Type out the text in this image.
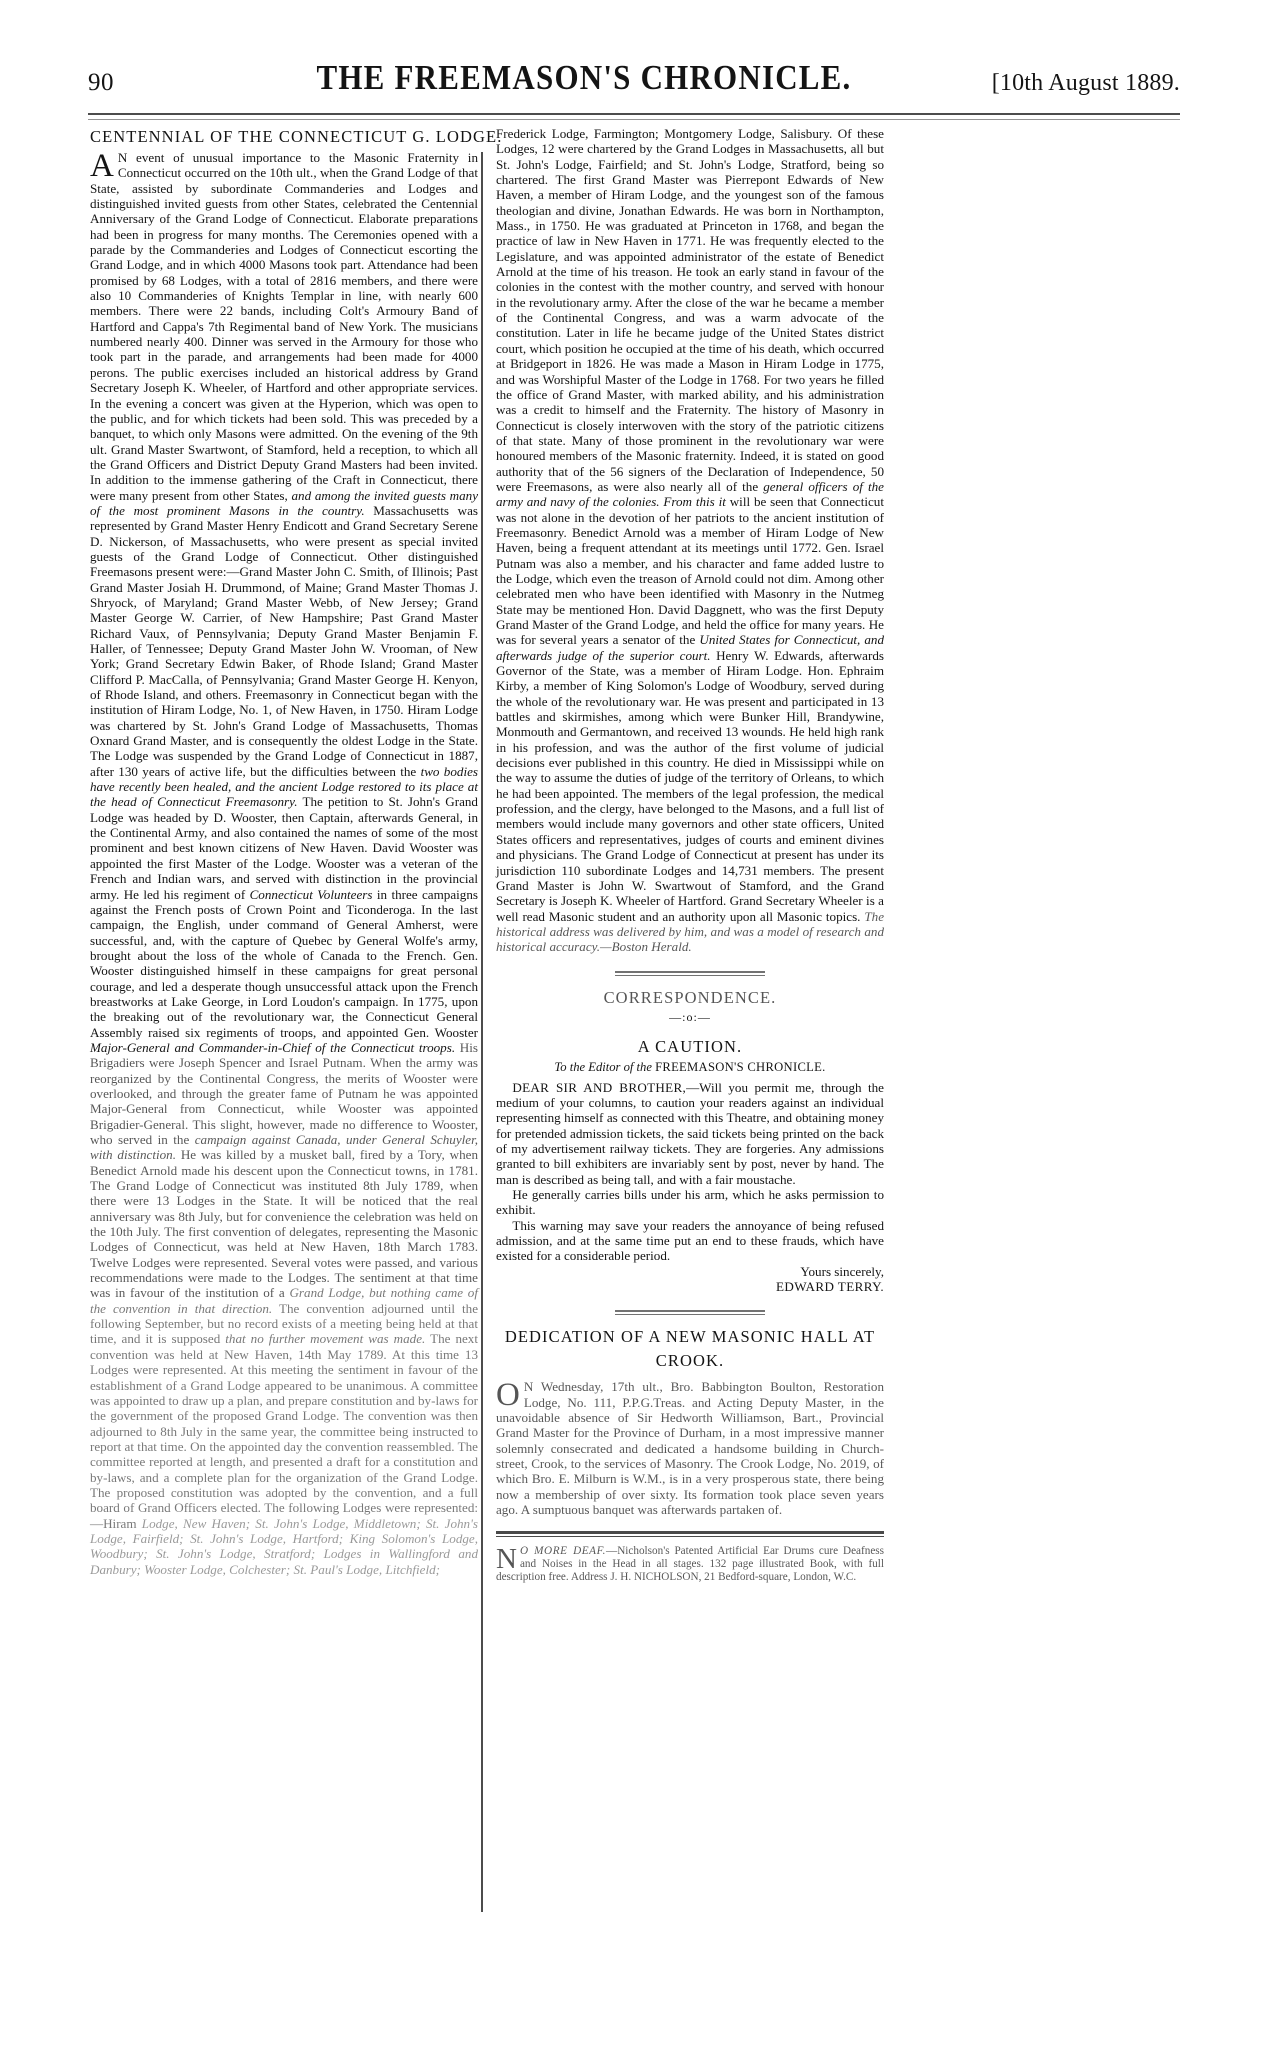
90	THE FREEMASON'S CHRONICLE.	[10th August 1889.
CENTENNIAL OF THE CONNECTICUT G. LODGE.

A N event of unusual importance to the Masonic Fraternity in Connecticut occurred on the 10th ult., when the Grand Lodge of that State, assisted by subordinate Commanderies and Lodges and distinguished invited guests from other States, celebrated the Centennial Anniversary of the Grand Lodge of Connecticut. Elaborate preparations had been in progress for many months. The Ceremonies opened with a parade by the Commanderies and Lodges of Connecticut escorting the Grand Lodge, and in which 4000 Masons took part. Attendance had been promised by 68 Lodges, with a total of 2816 members, and there were also 10 Commanderies of Knights Templar in line, with nearly 600 members. There were 22 bands, including Colt's Armoury Band of Hartford and Cappa's 7th Regimental band of New York. The musicians numbered nearly 400. Dinner was served in the Armoury for those who took part in the parade, and arrangements had been made for 4000 perons. The public exercises included an historical address by Grand Secretary Joseph K. Wheeler, of Hartford and other appropriate services. In the evening a concert was given at the Hyperion, which was open to the public, and for which tickets had been sold. This was preceded by a banquet, to which only Masons were admitted. On the evening of the 9th ult. Grand Master Swartwont, of Stamford, held a reception, to which all the Grand Officers and District Deputy Grand Masters had been invited. In addition to the immense gathering of the Craft in Connecticut, there were many present from other States, and among the invited guests many of the most prominent Masons in the country. Massachusetts was represented by Grand Master Henry Endicott and Grand Secretary Serene D. Nickerson, of Massachusetts, who were present as special invited guests of the Grand Lodge of Connecticut. Other distinguished Freemasons present were:—Grand Master John C. Smith, of Illinois; Past Grand Master Josiah H. Drummond, of Maine; Grand Master Thomas J. Shryock, of Maryland; Grand Master Webb, of New Jersey; Grand Master George W. Carrier, of New Hampshire; Past Grand Master Richard Vaux, of Pennsylvania; Deputy Grand Master Benjamin F. Haller, of Tennessee; Deputy Grand Master John W. Vrooman, of New York; Grand Secretary Edwin Baker, of Rhode Island; Grand Master Clifford P. MacCalla, of Pennsylvania; Grand Master George H. Kenyon, of Rhode Island, and others. Freemasonry in Connecticut began with the institution of Hiram Lodge, No. 1, of New Haven, in 1750. Hiram Lodge was chartered by St. John's Grand Lodge of Massachusetts, Thomas Oxnard Grand Master, and is consequently the oldest Lodge in the State. The Lodge was suspended by the Grand Lodge of Connecticut in 1887, after 130 years of active life, but the difficulties between the two bodies have recently been healed, and the ancient Lodge restored to its place at the head of Connecticut Freemasonry. The petition to St. John's Grand Lodge was headed by D. Wooster, then Captain, afterwards General, in the Continental Army, and also contained the names of some of the most prominent and best known citizens of New Haven. David Wooster was appointed the first Master of the Lodge. Wooster was a veteran of the French and Indian wars, and served with distinction in the provincial army. He led his regiment of Connecticut Volunteers in three campaigns against the French posts of Crown Point and Ticonderoga. In the last campaign, the English, under command of General Amherst, were successful, and, with the capture of Quebec by General Wolfe's army, brought about the loss of the whole of Canada to the French. Gen. Wooster distinguished himself in these campaigns for great personal courage, and led a desperate though unsuccessful attack upon the French breastworks at Lake George, in Lord Loudon's campaign. In 1775, upon the breaking out of the revolutionary war, the Connecticut General Assembly raised six regiments of troops, and appointed Gen. Wooster Major-General and Commander-in-Chief of the Connecticut troops. His Brigadiers were Joseph Spencer and Israel Putnam. When the army was reorganized by the Continental Congress, the merits of Wooster were overlooked, and through the greater fame of Putnam he was appointed Major-General from Connecticut, while Wooster was appointed Brigadier-General. This slight, however, made no difference to Wooster, who served in the campaign against Canada, under General Schuyler, with distinction. He was killed by a musket ball, fired by a Tory, when Benedict Arnold made his descent upon the Connecticut towns, in 1781. The Grand Lodge of Connecticut was instituted 8th July 1789, when there were 13 Lodges in the State. It will be noticed that the real anniversary was 8th July, but for convenience the celebration was held on the 10th July. The first convention of delegates, representing the Masonic Lodges of Connecticut, was held at New Haven, 18th March 1783. Twelve Lodges were represented. Several votes were passed, and various recommendations were made to the Lodges. The sentiment at that time was in favour of the institution of a Grand Lodge, but nothing came of the convention in that direction. The convention adjourned until the following September, but no record exists of a meeting being held at that time, and it is supposed that no further movement was made. The next convention was held at New Haven, 14th May 1789. At this time 13 Lodges were represented. At this meeting the sentiment in favour of the establishment of a Grand Lodge appeared to be unanimous. A committee was appointed to draw up a plan, and prepare constitution and by-laws for the government of the proposed Grand Lodge. The convention was then adjourned to 8th July in the same year, the committee being instructed to report at that time. On the appointed day the convention reassembled. The committee reported at length, and presented a draft for a constitution and by-laws, and a complete plan for the organization of the Grand Lodge. The proposed constitution was adopted by the convention, and a full board of Grand Officers elected. The following Lodges were represented:—Hiram Lodge, New Haven; St. John's Lodge, Middletown; St. John's Lodge, Fairfield; St. John's Lodge, Hartford; King Solomon's Lodge, Woodbury; St. John's Lodge, Stratford; Lodges in Wallingford and Danbury; Wooster Lodge, Colchester; St. Paul's Lodge, Litchfield;

Frederick Lodge, Farmington; Montgomery Lodge, Salisbury. Of these Lodges, 12 were chartered by the Grand Lodges in Massachusetts, all but St. John's Lodge, Fairfield; and St. John's Lodge, Stratford, being so chartered. The first Grand Master was Pierrepont Edwards of New Haven, a member of Hiram Lodge, and the youngest son of the famous theologian and divine, Jonathan Edwards. He was born in Northampton, Mass., in 1750. He was graduated at Princeton in 1768, and began the practice of law in New Haven in 1771. He was frequently elected to the Legislature, and was appointed administrator of the estate of Benedict Arnold at the time of his treason. He took an early stand in favour of the colonies in the contest with the mother country, and served with honour in the revolutionary army. After the close of the war he became a member of the Continental Congress, and was a warm advocate of the constitution. Later in life he became judge of the United States district court, which position he occupied at the time of his death, which occurred at Bridgeport in 1826. He was made a Mason in Hiram Lodge in 1775, and was Worshipful Master of the Lodge in 1768. For two years he filled the office of Grand Master, with marked ability, and his administration was a credit to himself and the Fraternity. The history of Masonry in Connecticut is closely interwoven with the story of the patriotic citizens of that state. Many of those prominent in the revolutionary war were honoured members of the Masonic fraternity. Indeed, it is stated on good authority that of the 56 signers of the Declaration of Independence, 50 were Freemasons, as were also nearly all of the general officers of the army and navy of the colonies. From this it will be seen that Connecticut was not alone in the devotion of her patriots to the ancient institution of Freemasonry. Benedict Arnold was a member of Hiram Lodge of New Haven, being a frequent attendant at its meetings until 1772. Gen. Israel Putnam was also a member, and his character and fame added lustre to the Lodge, which even the treason of Arnold could not dim. Among other celebrated men who have been identified with Masonry in the Nutmeg State may be mentioned Hon. David Daggnett, who was the first Deputy Grand Master of the Grand Lodge, and held the office for many years. He was for several years a senator of the United States for Connecticut, and afterwards judge of the superior court. Henry W. Edwards, afterwards Governor of the State, was a member of Hiram Lodge. Hon. Ephraim Kirby, a member of King Solomon's Lodge of Woodbury, served during the whole of the revolutionary war. He was present and participated in 13 battles and skirmishes, among which were Bunker Hill, Brandywine, Monmouth and Germantown, and received 13 wounds. He held high rank in his profession, and was the author of the first volume of judicial decisions ever published in this country. He died in Mississippi while on the way to assume the duties of judge of the territory of Orleans, to which he had been appointed. The members of the legal profession, the medical profession, and the clergy, have belonged to the Masons, and a full list of members would include many governors and other state officers, United States officers and representatives, judges of courts and eminent divines and physicians. The Grand Lodge of Connecticut at present has under its jurisdiction 110 subordinate Lodges and 14,731 members. The present Grand Master is John W. Swartwout of Stamford, and the Grand Secretary is Joseph K. Wheeler of Hartford. Grand Secretary Wheeler is a well read Masonic student and an authority upon all Masonic topics. The historical address was delivered by him, and was a model of research and historical accuracy.—Boston Herald.

CORRESPONDENCE.
—:o:—
A CAUTION.
To the Editor of the FREEMASON'S CHRONICLE.

DEAR SIR AND BROTHER,—Will you permit me, through the medium of your columns, to caution your readers against an individual representing himself as connected with this Theatre, and obtaining money for pretended admission tickets, the said tickets being printed on the back of my advertisement railway tickets. They are forgeries. Any admissions granted to bill exhibiters are invariably sent by post, never by hand. The man is described as being tall, and with a fair moustache.

He generally carries bills under his arm, which he asks permission to exhibit.

This warning may save your readers the annoyance of being refused admission, and at the same time put an end to these frauds, which have existed for a considerable period.

Yours sincerely,

EDWARD TERRY.

DEDICATION OF A NEW MASONIC HALL AT
CROOK.

O N Wednesday, 17th ult., Bro. Babbington Boulton, Restoration Lodge, No. 111, P.P.G.Treas. and Acting Deputy Master, in the unavoidable absence of Sir Hedworth Williamson, Bart., Provincial Grand Master for the Province of Durham, in a most impressive manner solemnly consecrated and dedicated a handsome building in Church-street, Crook, to the services of Masonry. The Crook Lodge, No. 2019, of which Bro. E. Milburn is W.M., is in a very prosperous state, there being now a membership of over sixty. Its formation took place seven years ago. A sumptuous banquet was afterwards partaken of.

N O MORE DEAF.—Nicholson's Patented Artificial Ear Drums cure Deafness and Noises in the Head in all stages. 132 page illustrated Book, with full description free. Address J. H. NICHOLSON, 21 Bedford-square, London, W.C.
